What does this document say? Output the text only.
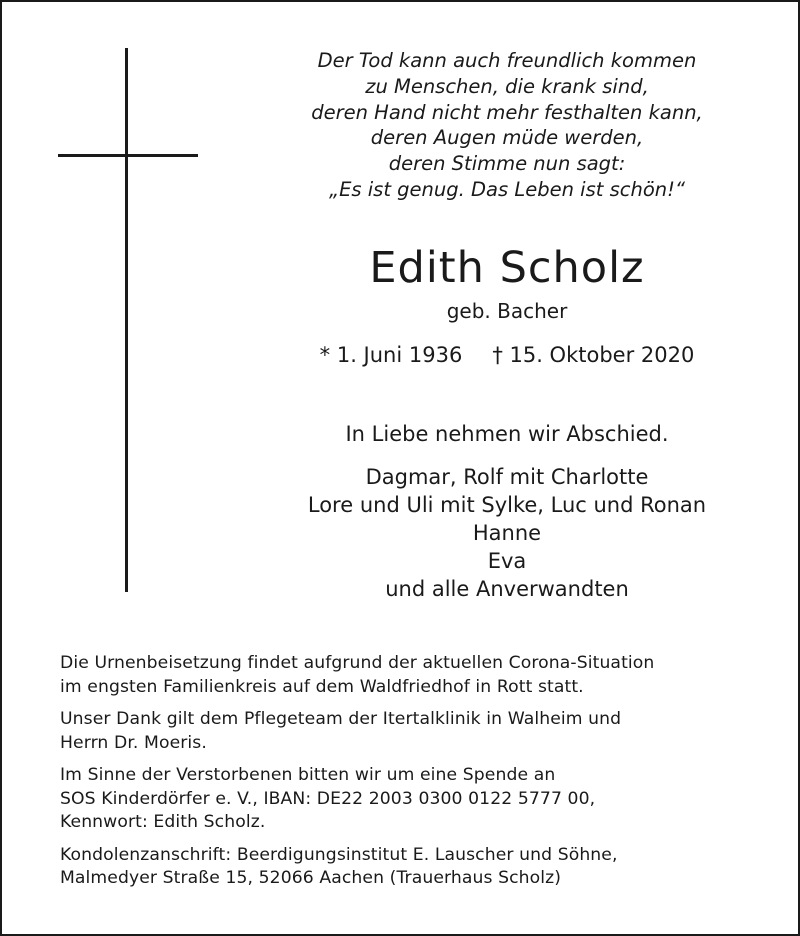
Der Tod kann auch freundlich kommen
zu Menschen, die krank sind,
deren Hand nicht mehr festhalten kann,
deren Augen müde werden,
deren Stimme nun sagt:
„Es ist genug. Das Leben ist schön!“
Edith Scholz
geb. Bacher
* 1. Juni 1936 † 15. Oktober 2020
In Liebe nehmen wir Abschied.
Dagmar, Rolf mit Charlotte
Lore und Uli mit Sylke, Luc und Ronan
Hanne
Eva
und alle Anverwandten

Die Urnenbeisetzung findet aufgrund der aktuellen Corona-Situation
im engsten Familienkreis auf dem Waldfriedhof in Rott statt.

Unser Dank gilt dem Pflegeteam der Itertalklinik in Walheim und
Herrn Dr. Moeris.

Im Sinne der Verstorbenen bitten wir um eine Spende an
SOS Kinderdörfer e. V., IBAN: DE22 2003 0300 0122 5777 00,
Kennwort: Edith Scholz.

Kondolenzanschrift: Beerdigungsinstitut E. Lauscher und Söhne,
Malmedyer Straße 15, 52066 Aachen (Trauerhaus Scholz)
